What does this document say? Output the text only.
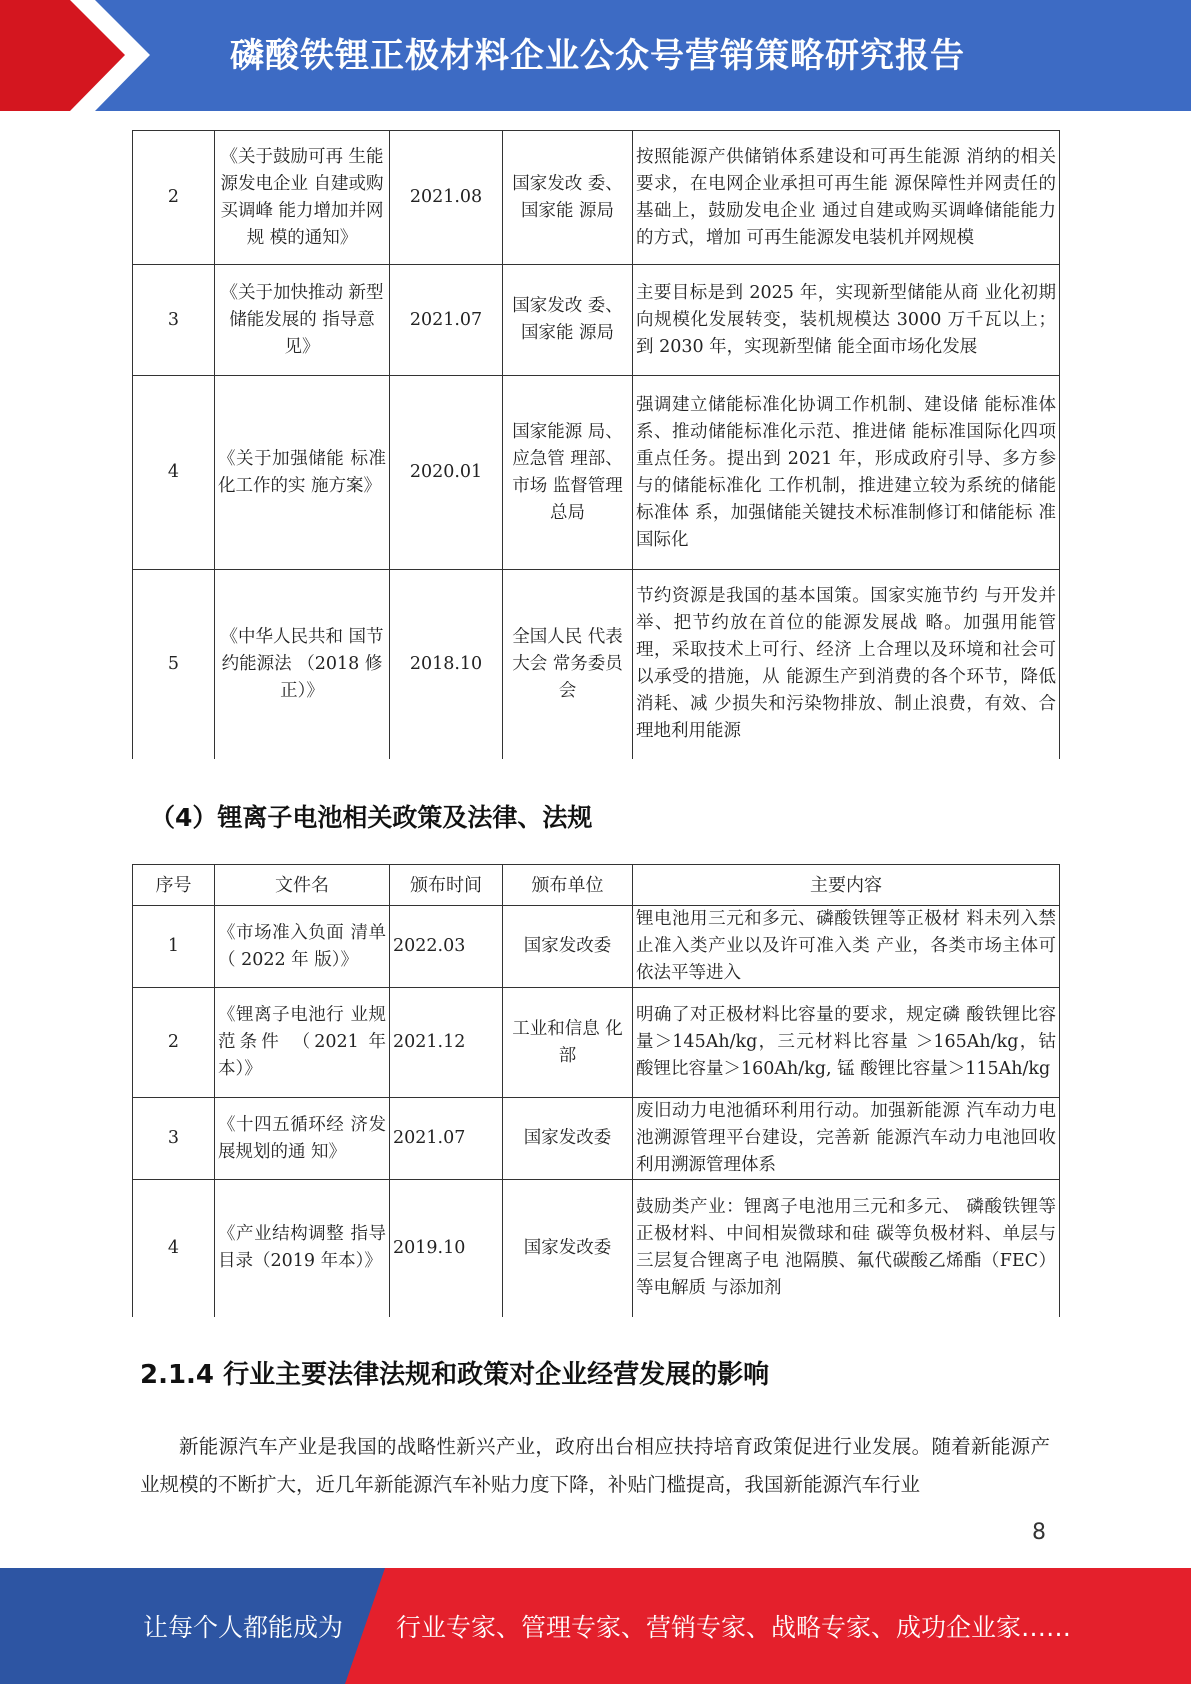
磷酸铁锂正极材料企业公众号营销策略研究报告
2	《关于鼓励可再 生能源发电企业 自建或购买调峰 能力增加并网规 模的通知》	2021.08	国家发改 委、国家能 源局	按照能源产供储销体系建设和可再生能源 消纳的相关要求，在电网企业承担可再生能 源保障性并网责任的基础上，鼓励发电企业 通过自建或购买调峰储能能力的方式，增加 可再生能源发电装机并网规模
3	《关于加快推动 新型储能发展的 指导意见》	2021.07	国家发改 委、国家能 源局	主要目标是到 2025 年，实现新型储能从商 业化初期向规模化发展转变，装机规模达 3000 万千瓦以上；到 2030 年，实现新型储 能全面市场化发展
4	《关于加强储能 标准化工作的实 施方案》	2020.01	国家能源 局、应急管 理部、市场 监督管理 总局	强调建立储能标准化协调工作机制、建设储 能标准体系、推动储能标准化示范、推进储 能标准国际化四项重点任务。提出到 2021 年，形成政府引导、多方参与的储能标准化 工作机制，推进建立较为系统的储能标准体 系，加强储能关键技术标准制修订和储能标 准国际化
5	《中华人民共和 国节约能源法 （2018 修正）》	2018.10	全国人民 代表大会 常务委员 会	节约资源是我国的基本国策。国家实施节约 与开发并举、把节约放在首位的能源发展战 略。加强用能管理，采取技术上可行、经济 上合理以及环境和社会可以承受的措施，从 能源生产到消费的各个环节，降低消耗、减 少损失和污染物排放、制止浪费，有效、合 理地利用能源
（4）锂离子电池相关政策及法律、法规
序号	文件名	颁布时间	颁布单位	主要内容
1	《市场准入负面 清单（ 2022 年 版）》	2022.03	国家发改委	锂电池用三元和多元、磷酸铁锂等正极材 料未列入禁止准入类产业以及许可准入类 产业，各类市场主体可依法平等进入
2	《锂离子电池行 业规范条件 （2021 年本）》	2021.12	工业和信息 化部	明确了对正极材料比容量的要求，规定磷 酸铁锂比容量＞145Ah/kg，三元材料比容量 ＞165Ah/kg，钴酸锂比容量＞160Ah/kg, 锰 酸锂比容量＞115Ah/kg
3	《十四五循环经 济发展规划的通 知》	2021.07	国家发改委	废旧动力电池循环利用行动。加强新能源 汽车动力电池溯源管理平台建设，完善新 能源汽车动力电池回收利用溯源管理体系
4	《产业结构调整 指导目录（2019 年本）》	2019.10	国家发改委	鼓励类产业：锂离子电池用三元和多元、 磷酸铁锂等正极材料、中间相炭微球和硅 碳等负极材料、单层与三层复合锂离子电 池隔膜、氟代碳酸乙烯酯（FEC）等电解质 与添加剂
2.1.4 行业主要法律法规和政策对企业经营发展的影响
新能源汽车产业是我国的战略性新兴产业，政府出台相应扶持培育政策促进行业发展。随着新能源产业规模的不断扩大，近几年新能源汽车补贴力度下降，补贴门槛提高，我国新能源汽车行业
8
让每个人都能成为 行业专家、管理专家、营销专家、战略专家、成功企业家……
